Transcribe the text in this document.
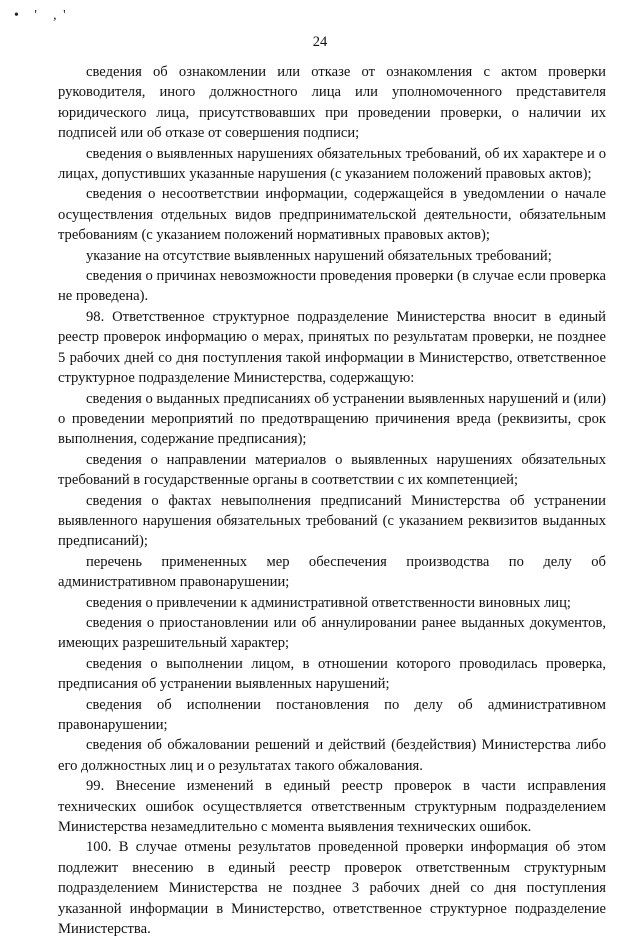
• ' ‚'
24

сведения об ознакомлении или отказе от ознакомления с актом проверки руководителя, иного должностного лица или уполномоченного представителя юридического лица, присутствовавших при проведении проверки, о наличии их подписей или об отказе от совершения подписи;

сведения о выявленных нарушениях обязательных требований, об их характере и о лицах, допустивших указанные нарушения (с указанием положений правовых актов);

сведения о несоответствии информации, содержащейся в уведомлении о начале осуществления отдельных видов предпринимательской деятельности, обязательным требованиям (с указанием положений нормативных правовых актов);

указание на отсутствие выявленных нарушений обязательных требований;

сведения о причинах невозможности проведения проверки (в случае если проверка не проведена).

98. Ответственное структурное подразделение Министерства вносит в единый реестр проверок информацию о мерах, принятых по результатам проверки, не позднее 5 рабочих дней со дня поступления такой информации в Министерство, ответственное структурное подразделение Министерства, содержащую:

сведения о выданных предписаниях об устранении выявленных нарушений и (или) о проведении мероприятий по предотвращению причинения вреда (реквизиты, срок выполнения, содержание предписания);

сведения о направлении материалов о выявленных нарушениях обязательных требований в государственные органы в соответствии с их компетенцией;

сведения о фактах невыполнения предписаний Министерства об устранении выявленного нарушения обязательных требований (с указанием реквизитов выданных предписаний);

перечень примененных мер обеспечения производства по делу об административном правонарушении;

сведения о привлечении к административной ответственности виновных лиц;

сведения о приостановлении или об аннулировании ранее выданных документов, имеющих разрешительный характер;

сведения о выполнении лицом, в отношении которого проводилась проверка, предписания об устранении выявленных нарушений;

сведения об исполнении постановления по делу об административном правонарушении;

сведения об обжаловании решений и действий (бездействия) Министерства либо его должностных лиц и о результатах такого обжалования.

99. Внесение изменений в единый реестр проверок в части исправления технических ошибок осуществляется ответственным структурным подразделением Министерства незамедлительно с момента выявления технических ошибок.

100. В случае отмены результатов проведенной проверки информация об этом подлежит внесению в единый реестр проверок ответственным структурным подразделением Министерства не позднее 3 рабочих дней со дня поступления указанной информации в Министерство, ответственное структурное подразделение Министерства.
